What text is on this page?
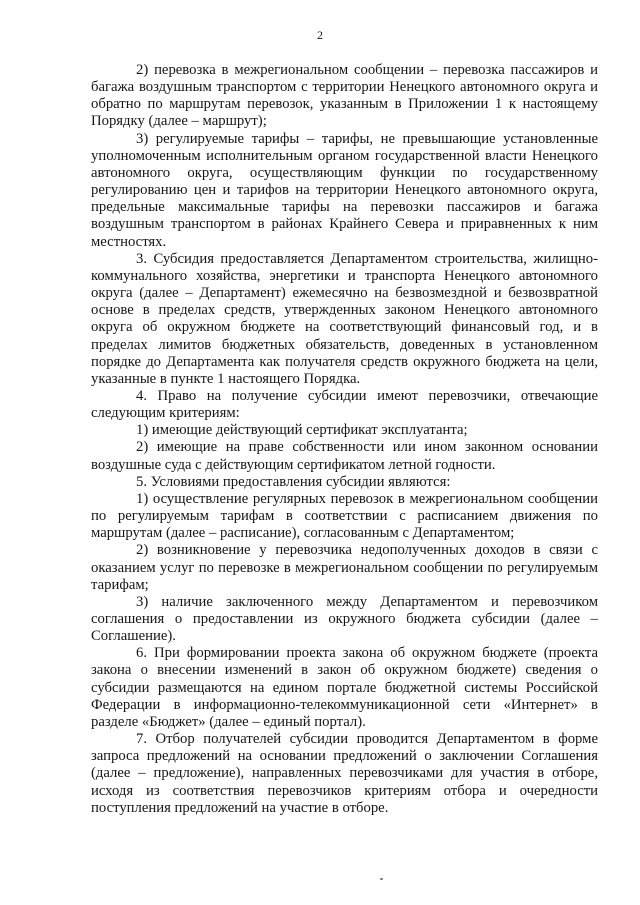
2

2) перевозка в межрегиональном сообщении – перевозка пассажиров и багажа воздушным транспортом с территории Ненецкого автономного округа и обратно по маршрутам перевозок, указанным в Приложении 1 к настоящему Порядку (далее – маршрут);

3) регулируемые тарифы – тарифы, не превышающие установленные уполномоченным исполнительным органом государственной власти Ненецкого автономного округа, осуществляющим функции по государственному регулированию цен и тарифов на территории Ненецкого автономного округа, предельные максимальные тарифы на перевозки пассажиров и багажа воздушным транспортом в районах Крайнего Севера и приравненных к ним местностях.

3. Субсидия предоставляется Департаментом строительства, жилищно-коммунального хозяйства, энергетики и транспорта Ненецкого автономного округа (далее – Департамент) ежемесячно на безвозмездной и безвозвратной основе в пределах средств, утвержденных законом Ненецкого автономного округа об окружном бюджете на соответствующий финансовый год, и в пределах лимитов бюджетных обязательств, доведенных в установленном порядке до Департамента как получателя средств окружного бюджета на цели, указанные в пункте 1 настоящего Порядка.

4. Право на получение субсидии имеют перевозчики, отвечающие следующим критериям:

1) имеющие действующий сертификат эксплуатанта;

2) имеющие на праве собственности или ином законном основании воздушные суда с действующим сертификатом летной годности.

5. Условиями предоставления субсидии являются:

1) осуществление регулярных перевозок в межрегиональном сообщении по регулируемым тарифам в соответствии с расписанием движения по маршрутам (далее – расписание), согласованным с Департаментом;

2) возникновение у перевозчика недополученных доходов в связи с оказанием услуг по перевозке в межрегиональном сообщении по регулируемым тарифам;

3) наличие заключенного между Департаментом и перевозчиком соглашения о предоставлении из окружного бюджета субсидии (далее – Соглашение).

6. При формировании проекта закона об окружном бюджете (проекта закона о внесении изменений в закон об окружном бюджете) сведения о субсидии размещаются на едином портале бюджетной системы Российской Федерации в информационно-телекоммуникационной сети «Интернет» в разделе «Бюджет» (далее – единый портал).

7. Отбор получателей субсидии проводится Департаментом в форме запроса предложений на основании предложений о заключении Соглашения (далее – предложение), направленных перевозчиками для участия в отборе, исходя из соответствия перевозчиков критериям отбора и очередности поступления предложений на участие в отборе.
